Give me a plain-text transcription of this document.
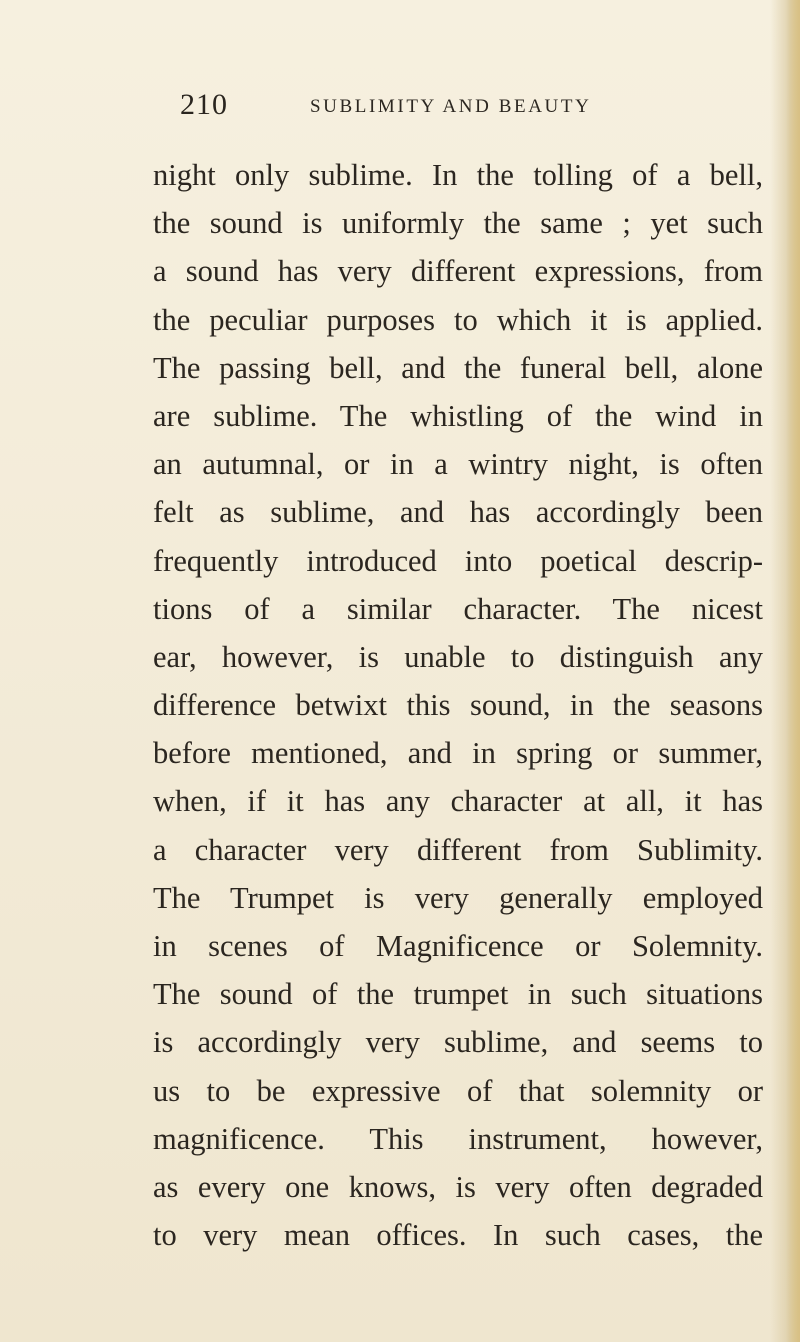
210	SUBLIMITY AND BEAUTY
night only sublime. In the tolling of a bell,
the sound is uniformly the same ; yet such
a sound has very different expressions, from
the peculiar purposes to which it is applied.
The passing bell, and the funeral bell, alone
are sublime. The whistling of the wind in
an autumnal, or in a wintry night, is often
felt as sublime, and has accordingly been
frequently introduced into poetical descrip-
tions of a similar character. The nicest
ear, however, is unable to distinguish any
difference betwixt this sound, in the seasons
before mentioned, and in spring or summer,
when, if it has any character at all, it has
a character very different from Sublimity.
The Trumpet is very generally employed
in scenes of Magnificence or Solemnity.
The sound of the trumpet in such situations
is accordingly very sublime, and seems to
us to be expressive of that solemnity or
magnificence. This instrument, however,
as every one knows, is very often degraded
to very mean offices. In such cases, the
